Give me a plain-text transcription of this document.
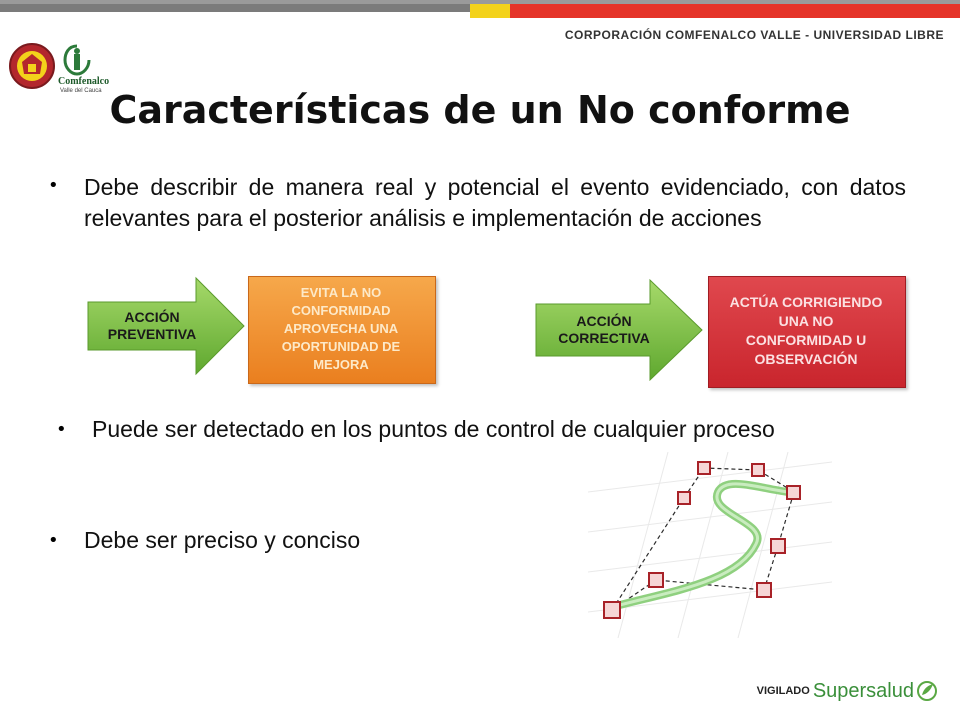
CORPORACIÓN COMFENALCO VALLE - UNIVERSIDAD LIBRE
Comfenalco
Valle del Cauca Características de un No conforme
• Debe describir de manera real y potencial el evento evidenciado, con datos relevantes para el posterior análisis e implementación de acciones
ACCIÓN
PREVENTIVA
EVITA LA NO
CONFORMIDAD
APROVECHA UNA
OPORTUNIDAD DE
MEJORA
ACCIÓN
CORRECTIVA
ACTÚA CORRIGIENDO
UNA NO
CONFORMIDAD U
OBSERVACIÓN
• Puede ser detectado en los puntos de control de cualquier proceso
• Debe ser preciso y conciso
VIGILADO Supersalud
